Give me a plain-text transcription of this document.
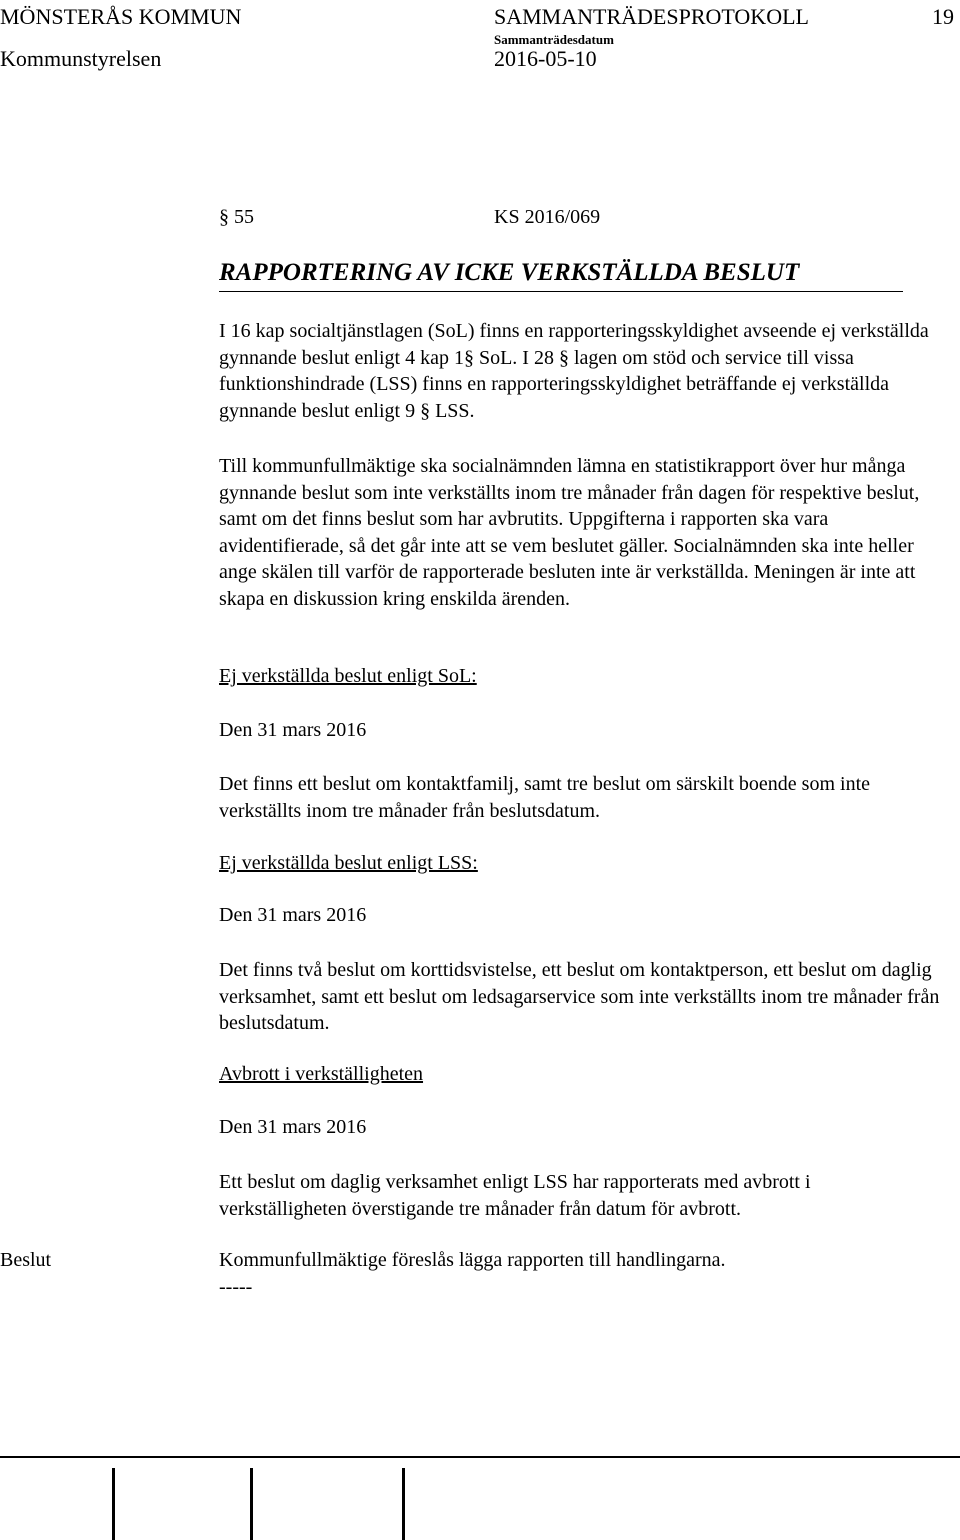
MÖNSTERÅS KOMMUN	SAMMANTRÄDESPROTOKOLL	19
Kommunstyrelsen
Sammanträdesdatum
2016-05-10
§ 55	KS 2016/069
RAPPORTERING AV ICKE VERKSTÄLLDA BESLUT
I 16 kap socialtjänstlagen (SoL) finns en rapporteringsskyldighet avseende ej verkställda gynnande beslut enligt 4 kap 1§ SoL. I 28 § lagen om stöd och service till vissa funktionshindrade (LSS) finns en rapporteringsskyldighet beträffande ej verkställda gynnande beslut enligt 9 § LSS.
Till kommunfullmäktige ska socialnämnden lämna en statistikrapport över hur många gynnande beslut som inte verkställts inom tre månader från dagen för respektive beslut, samt om det finns beslut som har avbrutits. Uppgifterna i rapporten ska vara avidentifierade, så det går inte att se vem beslutet gäller. Socialnämnden ska inte heller ange skälen till varför de rapporterade besluten inte är verkställda. Meningen är inte att skapa en diskussion kring enskilda ärenden.
Ej verkställda beslut enligt SoL:
Den 31 mars 2016
Det finns ett beslut om kontaktfamilj, samt tre beslut om särskilt boende som inte verkställts inom tre månader från beslutsdatum.
Ej verkställda beslut enligt LSS:
Den 31 mars 2016
Det finns två beslut om korttidsvistelse, ett beslut om kontaktperson, ett beslut om daglig verksamhet, samt ett beslut om ledsagarservice som inte verkställts inom tre månader från beslutsdatum.
Avbrott i verkställigheten
Den 31 mars 2016
Ett beslut om daglig verksamhet enligt LSS har rapporterats med avbrott i verkställigheten överstigande tre månader från datum för avbrott.
Beslut	Kommunfullmäktige föreslås lägga rapporten till handlingarna.
-----
